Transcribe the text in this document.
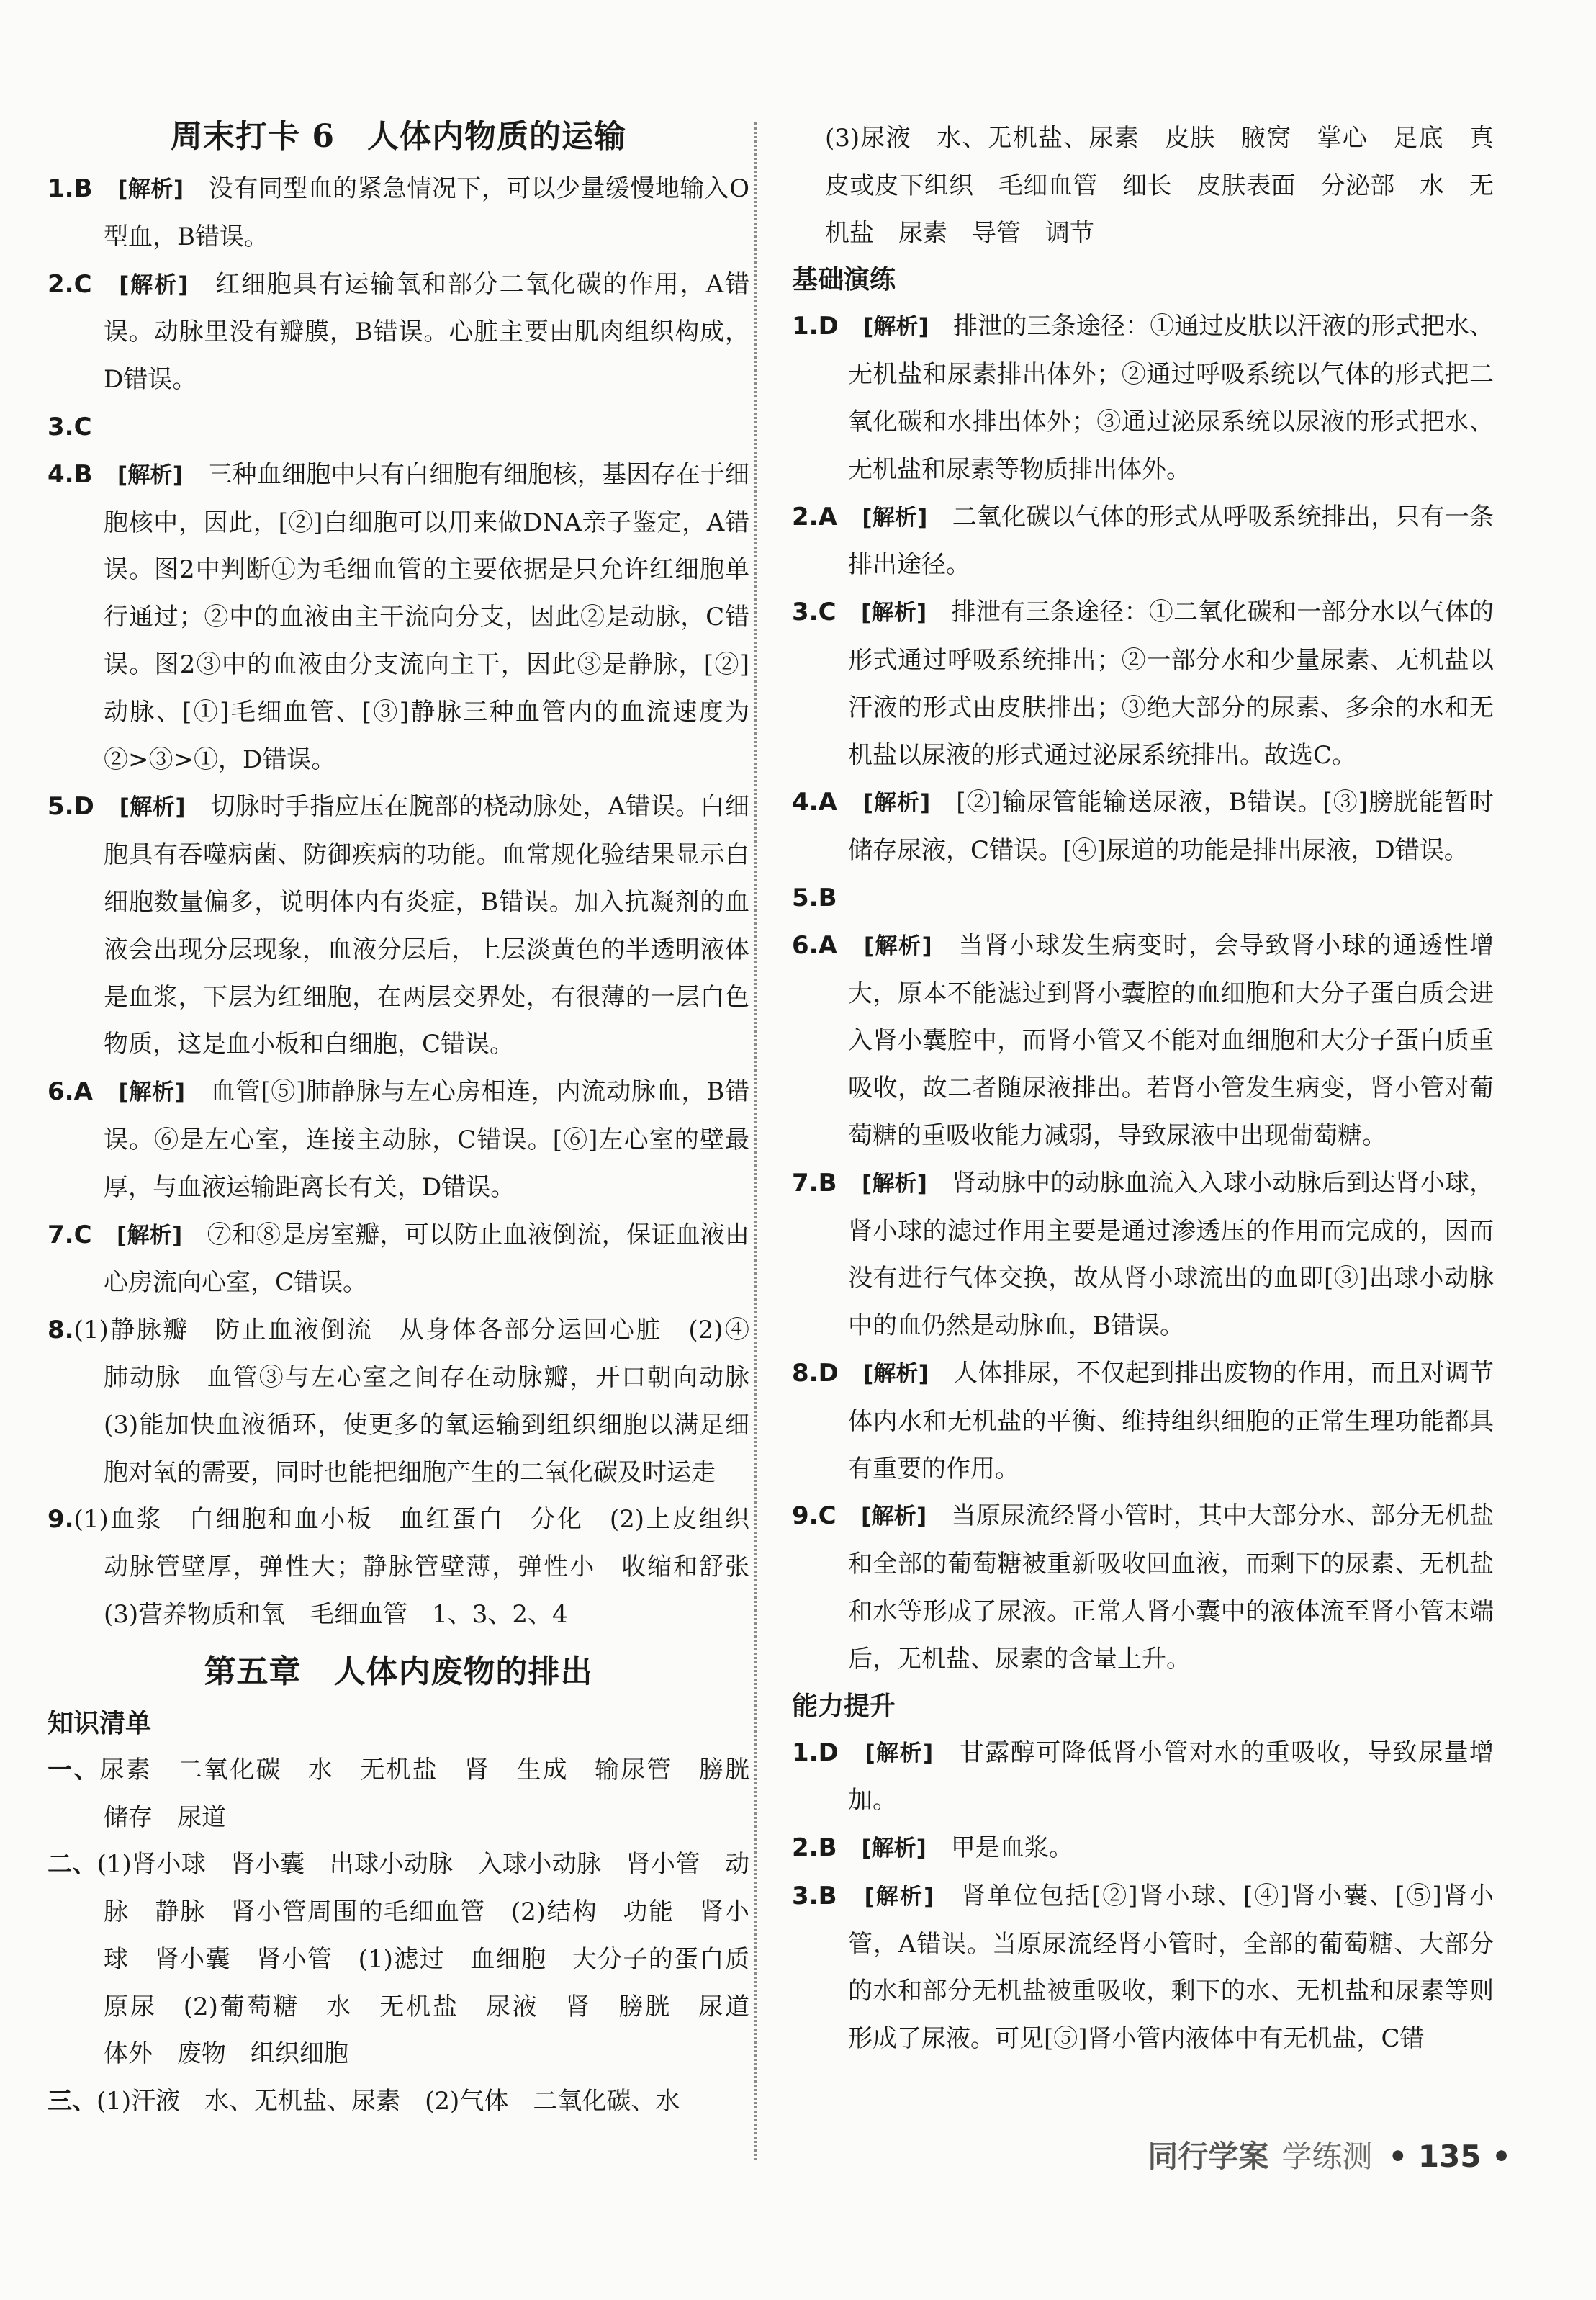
周末打卡 6　人体内物质的运输

1.B　 [解析]　 没有同型血的紧急情况下，可以少量缓慢地输入O型血，B错误。

2.C　 [解析]　 红细胞具有运输氧和部分二氧化碳的作用，A错误。动脉里没有瓣膜，B错误。心脏主要由肌肉组织构成，D错误。

3.C　

4.B　 [解析]　 三种血细胞中只有白细胞有细胞核，基因存在于细胞核中，因此，[②]白细胞可以用来做DNA亲子鉴定，A错误。图2中判断①为毛细血管的主要依据是只允许红细胞单行通过；②中的血液由主干流向分支，因此②是动脉，C错误。图2③中的血液由分支流向主干，因此③是静脉，[②]动脉、[①]毛细血管、[③]静脉三种血管内的血流速度为②>③>①，D错误。

5.D　 [解析]　 切脉时手指应压在腕部的桡动脉处，A错误。白细胞具有吞噬病菌、防御疾病的功能。血常规化验结果显示白细胞数量偏多，说明体内有炎症，B错误。加入抗凝剂的血液会出现分层现象，血液分层后，上层淡黄色的半透明液体是血浆，下层为红细胞，在两层交界处，有很薄的一层白色物质，这是血小板和白细胞，C错误。

6.A　 [解析]　 血管[⑤]肺静脉与左心房相连，内流动脉血，B错误。⑥是左心室，连接主动脉，C错误。[⑥]左心室的壁最厚，与血液运输距离长有关，D错误。

7.C　 [解析]　 ⑦和⑧是房室瓣，可以防止血液倒流，保证血液由心房流向心室，C错误。

8.(1)静脉瓣　防止血液倒流　从身体各部分运回心脏　(2)④　肺动脉　血管③与左心室之间存在动脉瓣，开口朝向动脉　(3)能加快血液循环，使更多的氧运输到组织细胞以满足细胞对氧的需要，同时也能把细胞产生的二氧化碳及时运走

9.(1)血浆　白细胞和血小板　血红蛋白　分化　(2)上皮组织　动脉管壁厚，弹性大；静脉管壁薄，弹性小　收缩和舒张　(3)营养物质和氧　毛细血管　1、3、2、4

第五章　人体内废物的排出
知识清单

一、尿素　二氧化碳　水　无机盐　肾　生成　输尿管　膀胱　储存　尿道

二、(1)肾小球　肾小囊　出球小动脉　入球小动脉　肾小管　动脉　静脉　肾小管周围的毛细血管　(2)结构　功能　肾小球　肾小囊　肾小管　(1)滤过　血细胞　大分子的蛋白质　原尿　(2)葡萄糖　水　无机盐　尿液　肾　膀胱　尿道　体外　废物　组织细胞

三、(1)汗液　水、无机盐、尿素　(2)气体　二氧化碳、水

(3)尿液　水、无机盐、尿素　皮肤　腋窝　掌心　足底　真皮或皮下组织　毛细血管　细长　皮肤表面　分泌部　水　无机盐　尿素　导管　调节

基础演练

1.D　 [解析]　 排泄的三条途径：①通过皮肤以汗液的形式把水、无机盐和尿素排出体外；②通过呼吸系统以气体的形式把二氧化碳和水排出体外；③通过泌尿系统以尿液的形式把水、无机盐和尿素等物质排出体外。

2.A　 [解析]　 二氧化碳以气体的形式从呼吸系统排出，只有一条排出途径。

3.C　 [解析]　 排泄有三条途径：①二氧化碳和一部分水以气体的形式通过呼吸系统排出；②一部分水和少量尿素、无机盐以汗液的形式由皮肤排出；③绝大部分的尿素、多余的水和无机盐以尿液的形式通过泌尿系统排出。故选C。

4.A　 [解析]　 [②]输尿管能输送尿液，B错误。[③]膀胱能暂时储存尿液，C错误。[④]尿道的功能是排出尿液，D错误。

5.B　

6.A　 [解析]　 当肾小球发生病变时，会导致肾小球的通透性增大，原本不能滤过到肾小囊腔的血细胞和大分子蛋白质会进入肾小囊腔中，而肾小管又不能对血细胞和大分子蛋白质重吸收，故二者随尿液排出。若肾小管发生病变，肾小管对葡萄糖的重吸收能力减弱，导致尿液中出现葡萄糖。

7.B　 [解析]　 肾动脉中的动脉血流入入球小动脉后到达肾小球，肾小球的滤过作用主要是通过渗透压的作用而完成的，因而没有进行气体交换，故从肾小球流出的血即[③]出球小动脉中的血仍然是动脉血，B错误。

8.D　 [解析]　 人体排尿，不仅起到排出废物的作用，而且对调节体内水和无机盐的平衡、维持组织细胞的正常生理功能都具有重要的作用。

9.C　 [解析]　 当原尿流经肾小管时，其中大部分水、部分无机盐和全部的葡萄糖被重新吸收回血液，而剩下的尿素、无机盐和水等形成了尿液。正常人肾小囊中的液体流至肾小管末端后，无机盐、尿素的含量上升。

能力提升

1.D　 [解析]　 甘露醇可降低肾小管对水的重吸收，导致尿量增加。

2.B　 [解析]　 甲是血浆。

3.B　 [解析]　 肾单位包括[②]肾小球、[④]肾小囊、[⑤]肾小管，A错误。当原尿流经肾小管时，全部的葡萄糖、大部分的水和部分无机盐被重吸收，剩下的水、无机盐和尿素等则形成了尿液。可见[⑤]肾小管内液体中有无机盐，C错

同行学案 学练测 • 135 •
